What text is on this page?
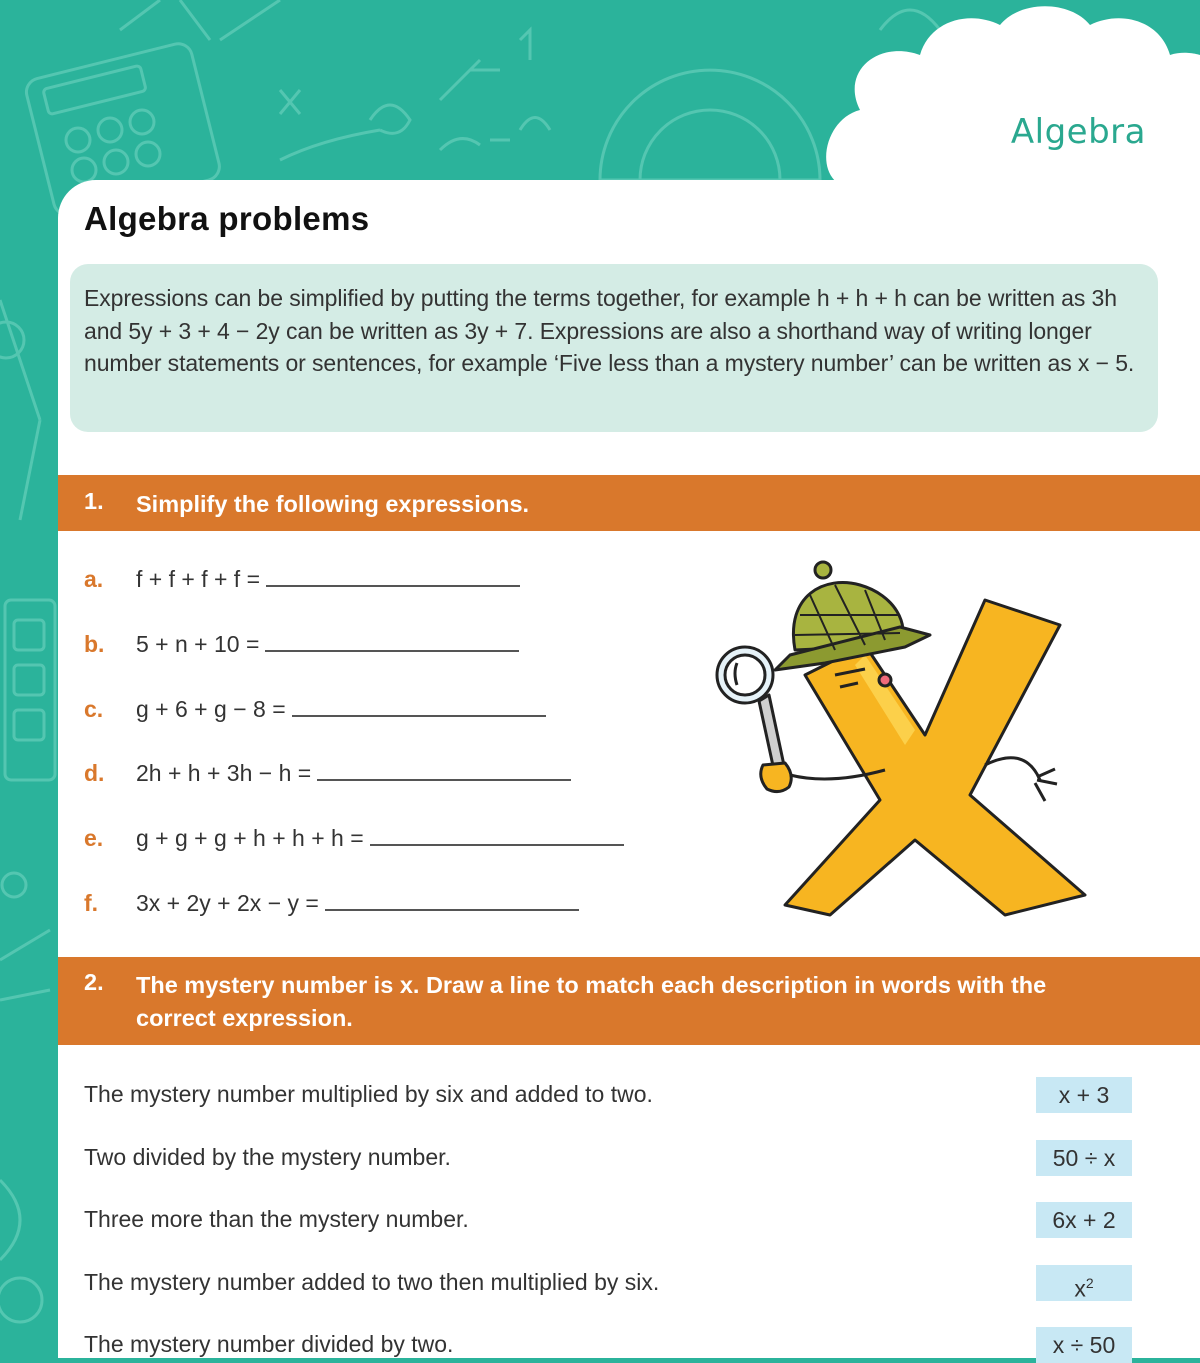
Algebra
Algebra problems
Expressions can be simplified by putting the terms together, for example h + h + h can be written as 3h and 5y + 3 + 4 − 2y can be written as 3y + 7. Expressions are also a shorthand way of writing longer number statements or sentences, for example ‘Five less than a mystery number’ can be written as x − 5.
1. Simplify the following expressions.
a. f + f + f + f =
b. 5 + n + 10 =
c. g + 6 + g − 8 =
d. 2h + h + 3h − h =
e. g + g + g + h + h + h =
f. 3x + 2y + 2x − y =
2. The mystery number is x. Draw a line to match each description in words with the correct expression.
The mystery number multiplied by six and added to two.	x + 3
Two divided by the mystery number.	50 ÷ x
Three more than the mystery number.	6x + 2
The mystery number added to two then multiplied by six.	$x^2$
The mystery number divided by two.	x ÷ 50
